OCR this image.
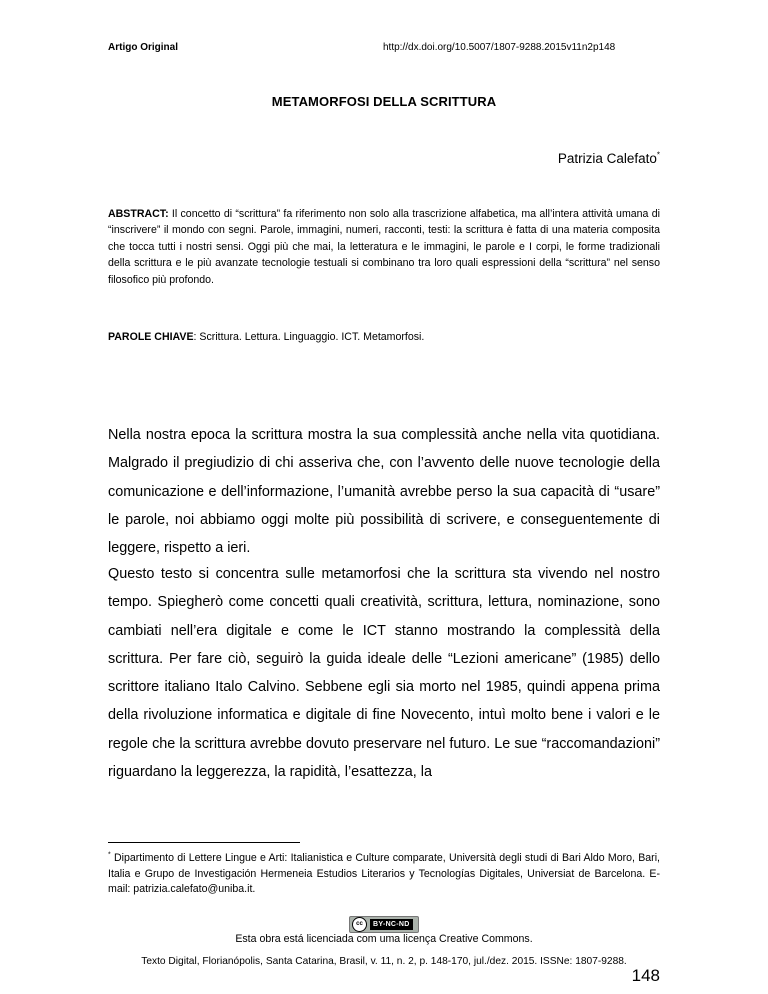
Artigo Original	http://dx.doi.org/10.5007/1807-9288.2015v11n2p148
METAMORFOSI DELLA SCRITTURA
Patrizia Calefato*
ABSTRACT: Il concetto di “scrittura” fa riferimento non solo alla trascrizione alfabetica, ma all’intera attività umana di “inscrivere” il mondo con segni. Parole, immagini, numeri, racconti, testi: la scrittura è fatta di una materia composita che tocca tutti i nostri sensi. Oggi più che mai, la letteratura e le immagini, le parole e I corpi, le forme tradizionali della scrittura e le più avanzate tecnologie testuali si combinano tra loro quali espressioni della “scrittura” nel senso filosofico più profondo.
PAROLE CHIAVE: Scrittura. Lettura. Linguaggio. ICT. Metamorfosi.
Nella nostra epoca la scrittura mostra la sua complessità anche nella vita quotidiana. Malgrado il pregiudizio di chi asseriva che, con l’avvento delle nuove tecnologie della comunicazione e dell’informazione, l’umanità avrebbe perso la sua capacità di “usare” le parole, noi abbiamo oggi molte più possibilità di scrivere, e conseguentemente di leggere, rispetto a ieri.
Questo testo si concentra sulle metamorfosi che la scrittura sta vivendo nel nostro tempo. Spiegherò come concetti quali creatività, scrittura, lettura, nominazione, sono cambiati nell’era digitale e come le ICT stanno mostrando la complessità della scrittura. Per fare ciò, seguirò la guida ideale delle “Lezioni americane” (1985) dello scrittore italiano Italo Calvino. Sebbene egli sia morto nel 1985, quindi appena prima della rivoluzione informatica e digitale di fine Novecento, intuì molto bene i valori e le regole che la scrittura avrebbe dovuto preservare nel futuro. Le sue “raccomandazioni” riguardano la leggerezza, la rapidità, l’esattezza, la
* Dipartimento di Lettere Lingue e Arti: Italianistica e Culture comparate, Università degli studi di Bari Aldo Moro, Bari, Italia e Grupo de Investigación Hermeneia Estudios Literarios y Tecnologías Digitales, Universiat de Barcelona. E-mail: patrizia.calefato@uniba.it.
cc	BY-NC-ND
Esta obra está licenciada com uma licença Creative Commons.
Texto Digital, Florianópolis, Santa Catarina, Brasil, v. 11, n. 2, p. 148-170, jul./dez. 2015. ISSNe: 1807-9288.
148
